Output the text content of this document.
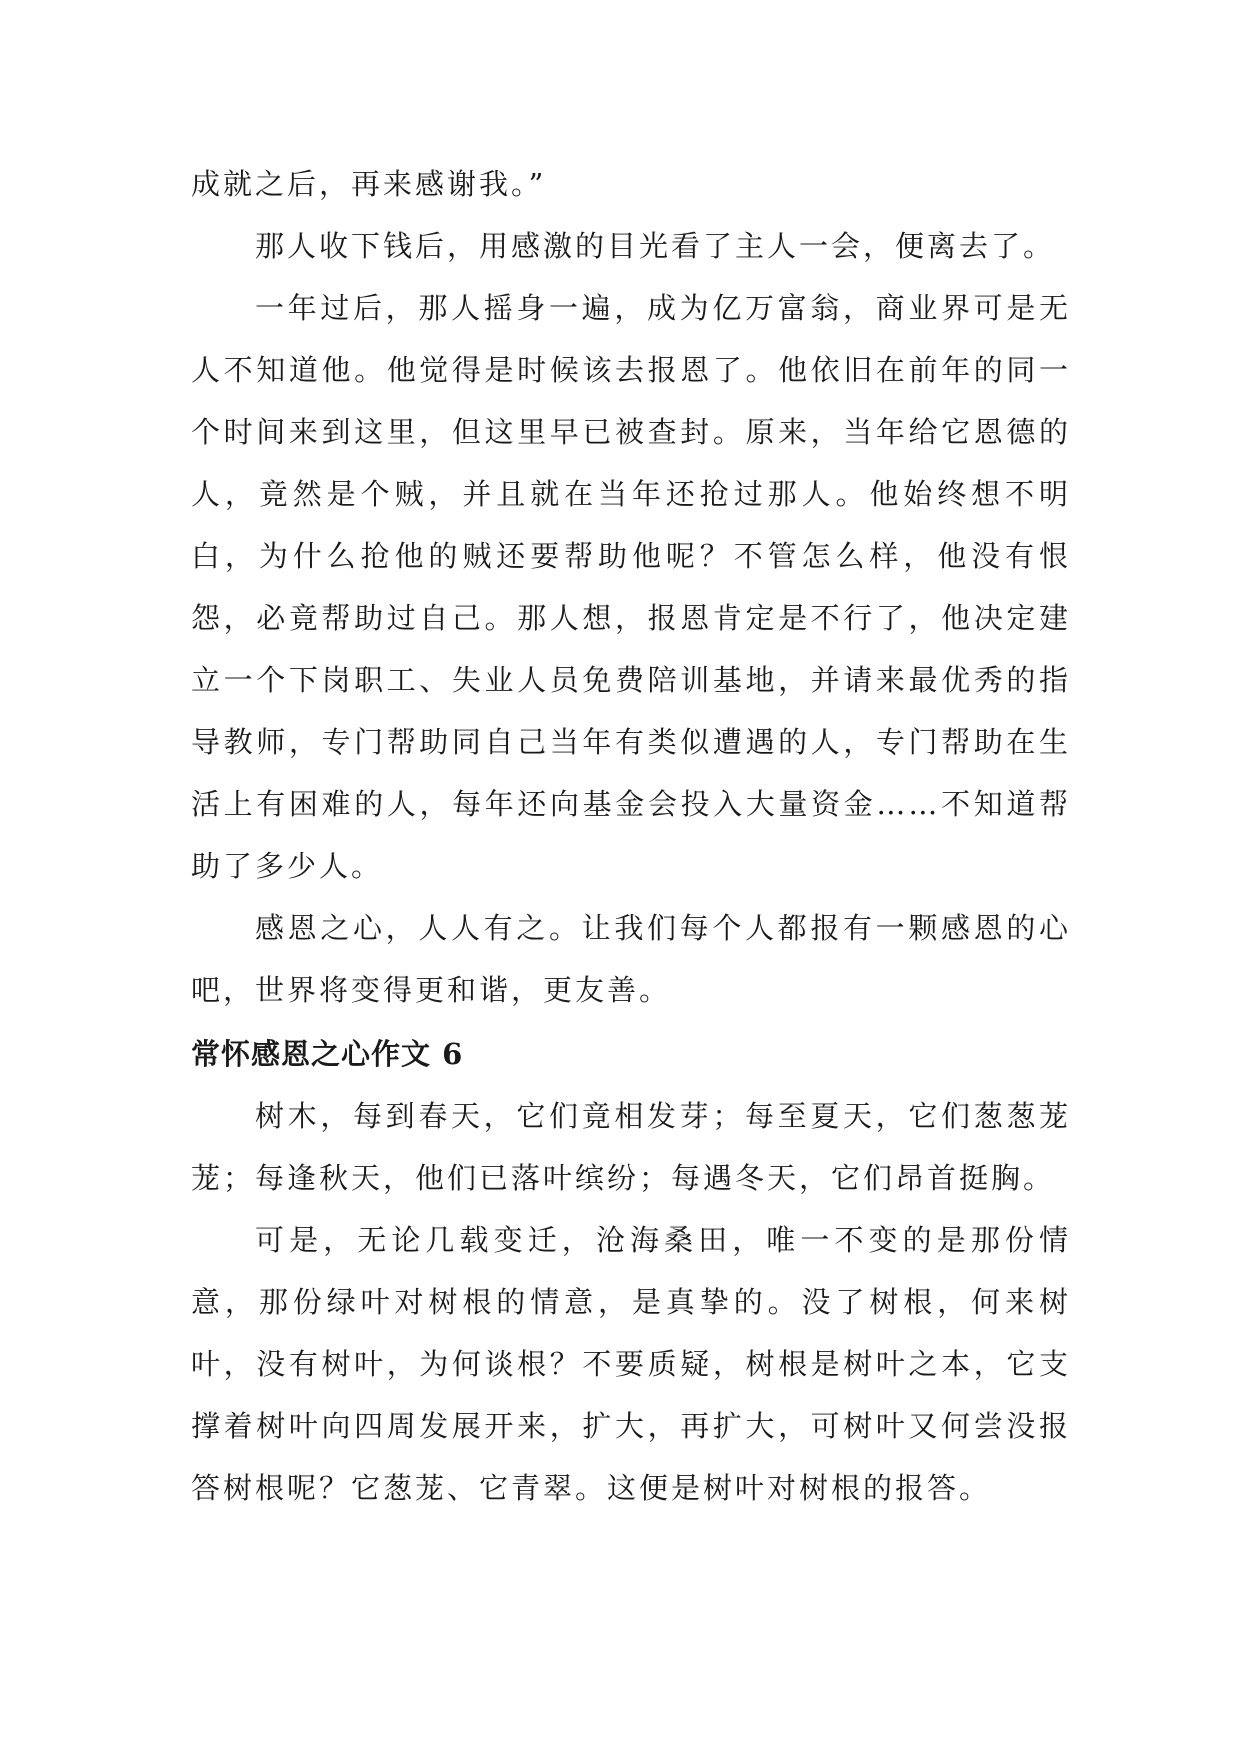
成就之后，再来感谢我。”

那人收下钱后，用感激的目光看了主人一会，便离去了。

一年过后，那人摇身一遍，成为亿万富翁，商业界可是无人不知道他。他觉得是时候该去报恩了。他依旧在前年的同一个时间来到这里，但这里早已被查封。原来，当年给它恩德的人，竟然是个贼，并且就在当年还抢过那人。他始终想不明白，为什么抢他的贼还要帮助他呢？不管怎么样，他没有恨怨，必竟帮助过自己。那人想，报恩肯定是不行了，他决定建立一个下岗职工、失业人员免费陪训基地，并请来最优秀的指导教师，专门帮助同自己当年有类似遭遇的人，专门帮助在生活上有困难的人，每年还向基金会投入大量资金……不知道帮助了多少人。

感恩之心，人人有之。让我们每个人都报有一颗感恩的心吧，世界将变得更和谐，更友善。

常怀感恩之心作文 6

树木，每到春天，它们竟相发芽；每至夏天，它们葱葱茏茏；每逢秋天，他们已落叶缤纷；每遇冬天，它们昂首挺胸。

可是，无论几载变迁，沧海桑田，唯一不变的是那份情意，那份绿叶对树根的情意，是真挚的。没了树根，何来树叶，没有树叶，为何谈根？不要质疑，树根是树叶之本，它支撑着树叶向四周发展开来，扩大，再扩大，可树叶又何尝没报答树根呢？它葱茏、它青翠。这便是树叶对树根的报答。
